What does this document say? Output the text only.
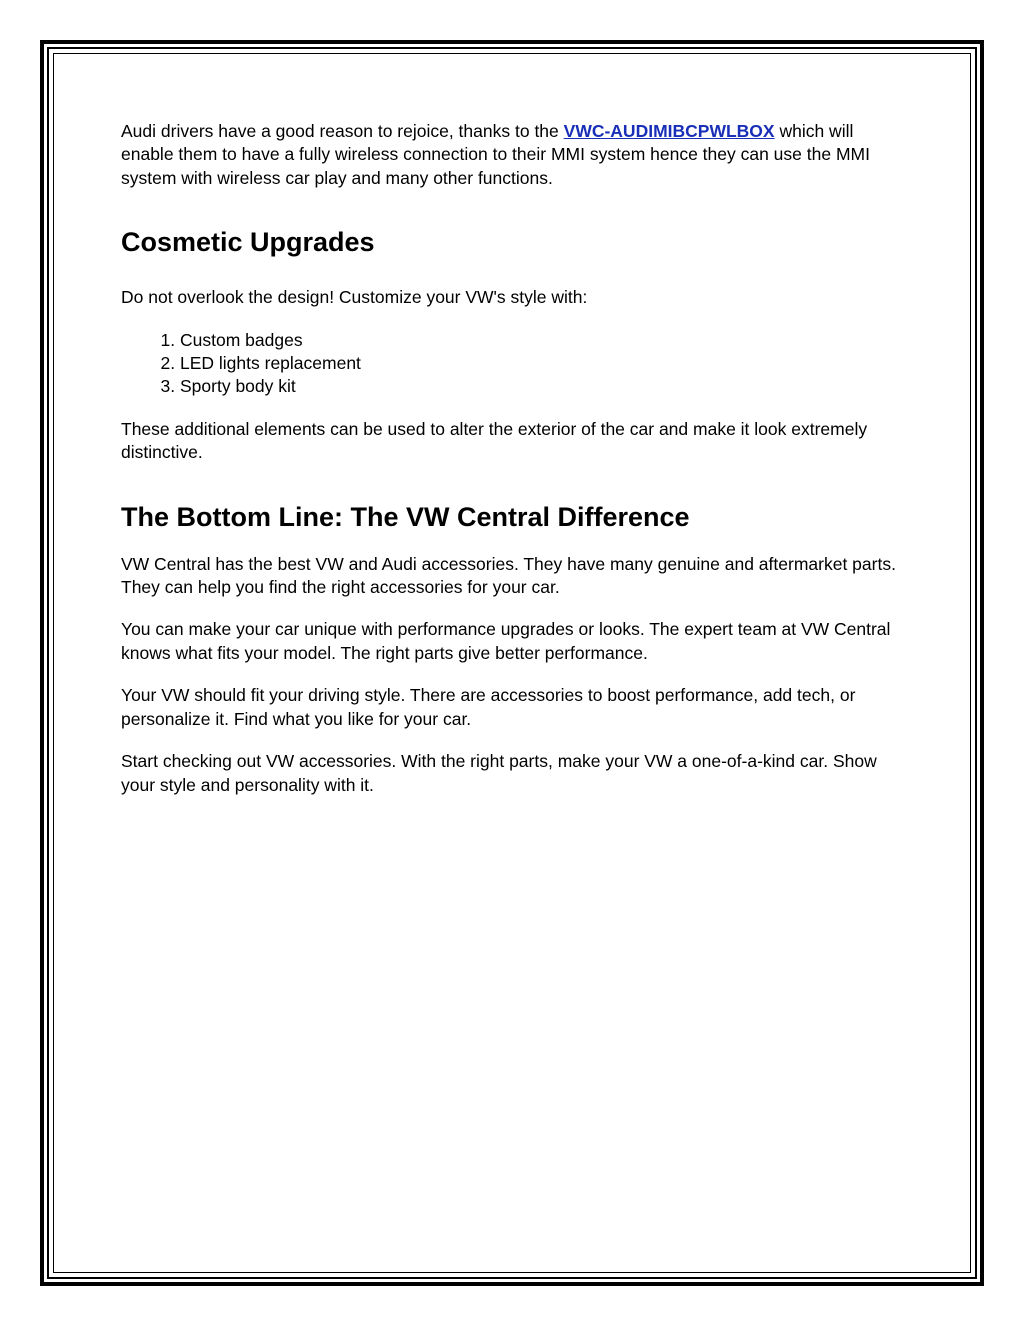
Audi drivers have a good reason to rejoice, thanks to the VWC-AUDIMIBCPWLBOX which will enable them to have a fully wireless connection to their MMI system hence they can use the MMI system with wireless car play and many other functions.

Cosmetic Upgrades

Do not overlook the design! Customize your VW's style with:

1. Custom badges
2. LED lights replacement
3. Sporty body kit

These additional elements can be used to alter the exterior of the car and make it look extremely distinctive.

The Bottom Line: The VW Central Difference

VW Central has the best VW and Audi accessories. They have many genuine and aftermarket parts. They can help you find the right accessories for your car.

You can make your car unique with performance upgrades or looks. The expert team at VW Central knows what fits your model. The right parts give better performance.

Your VW should fit your driving style. There are accessories to boost performance, add tech, or personalize it. Find what you like for your car.

Start checking out VW accessories. With the right parts, make your VW a one-of-a-kind car. Show your style and personality with it.
